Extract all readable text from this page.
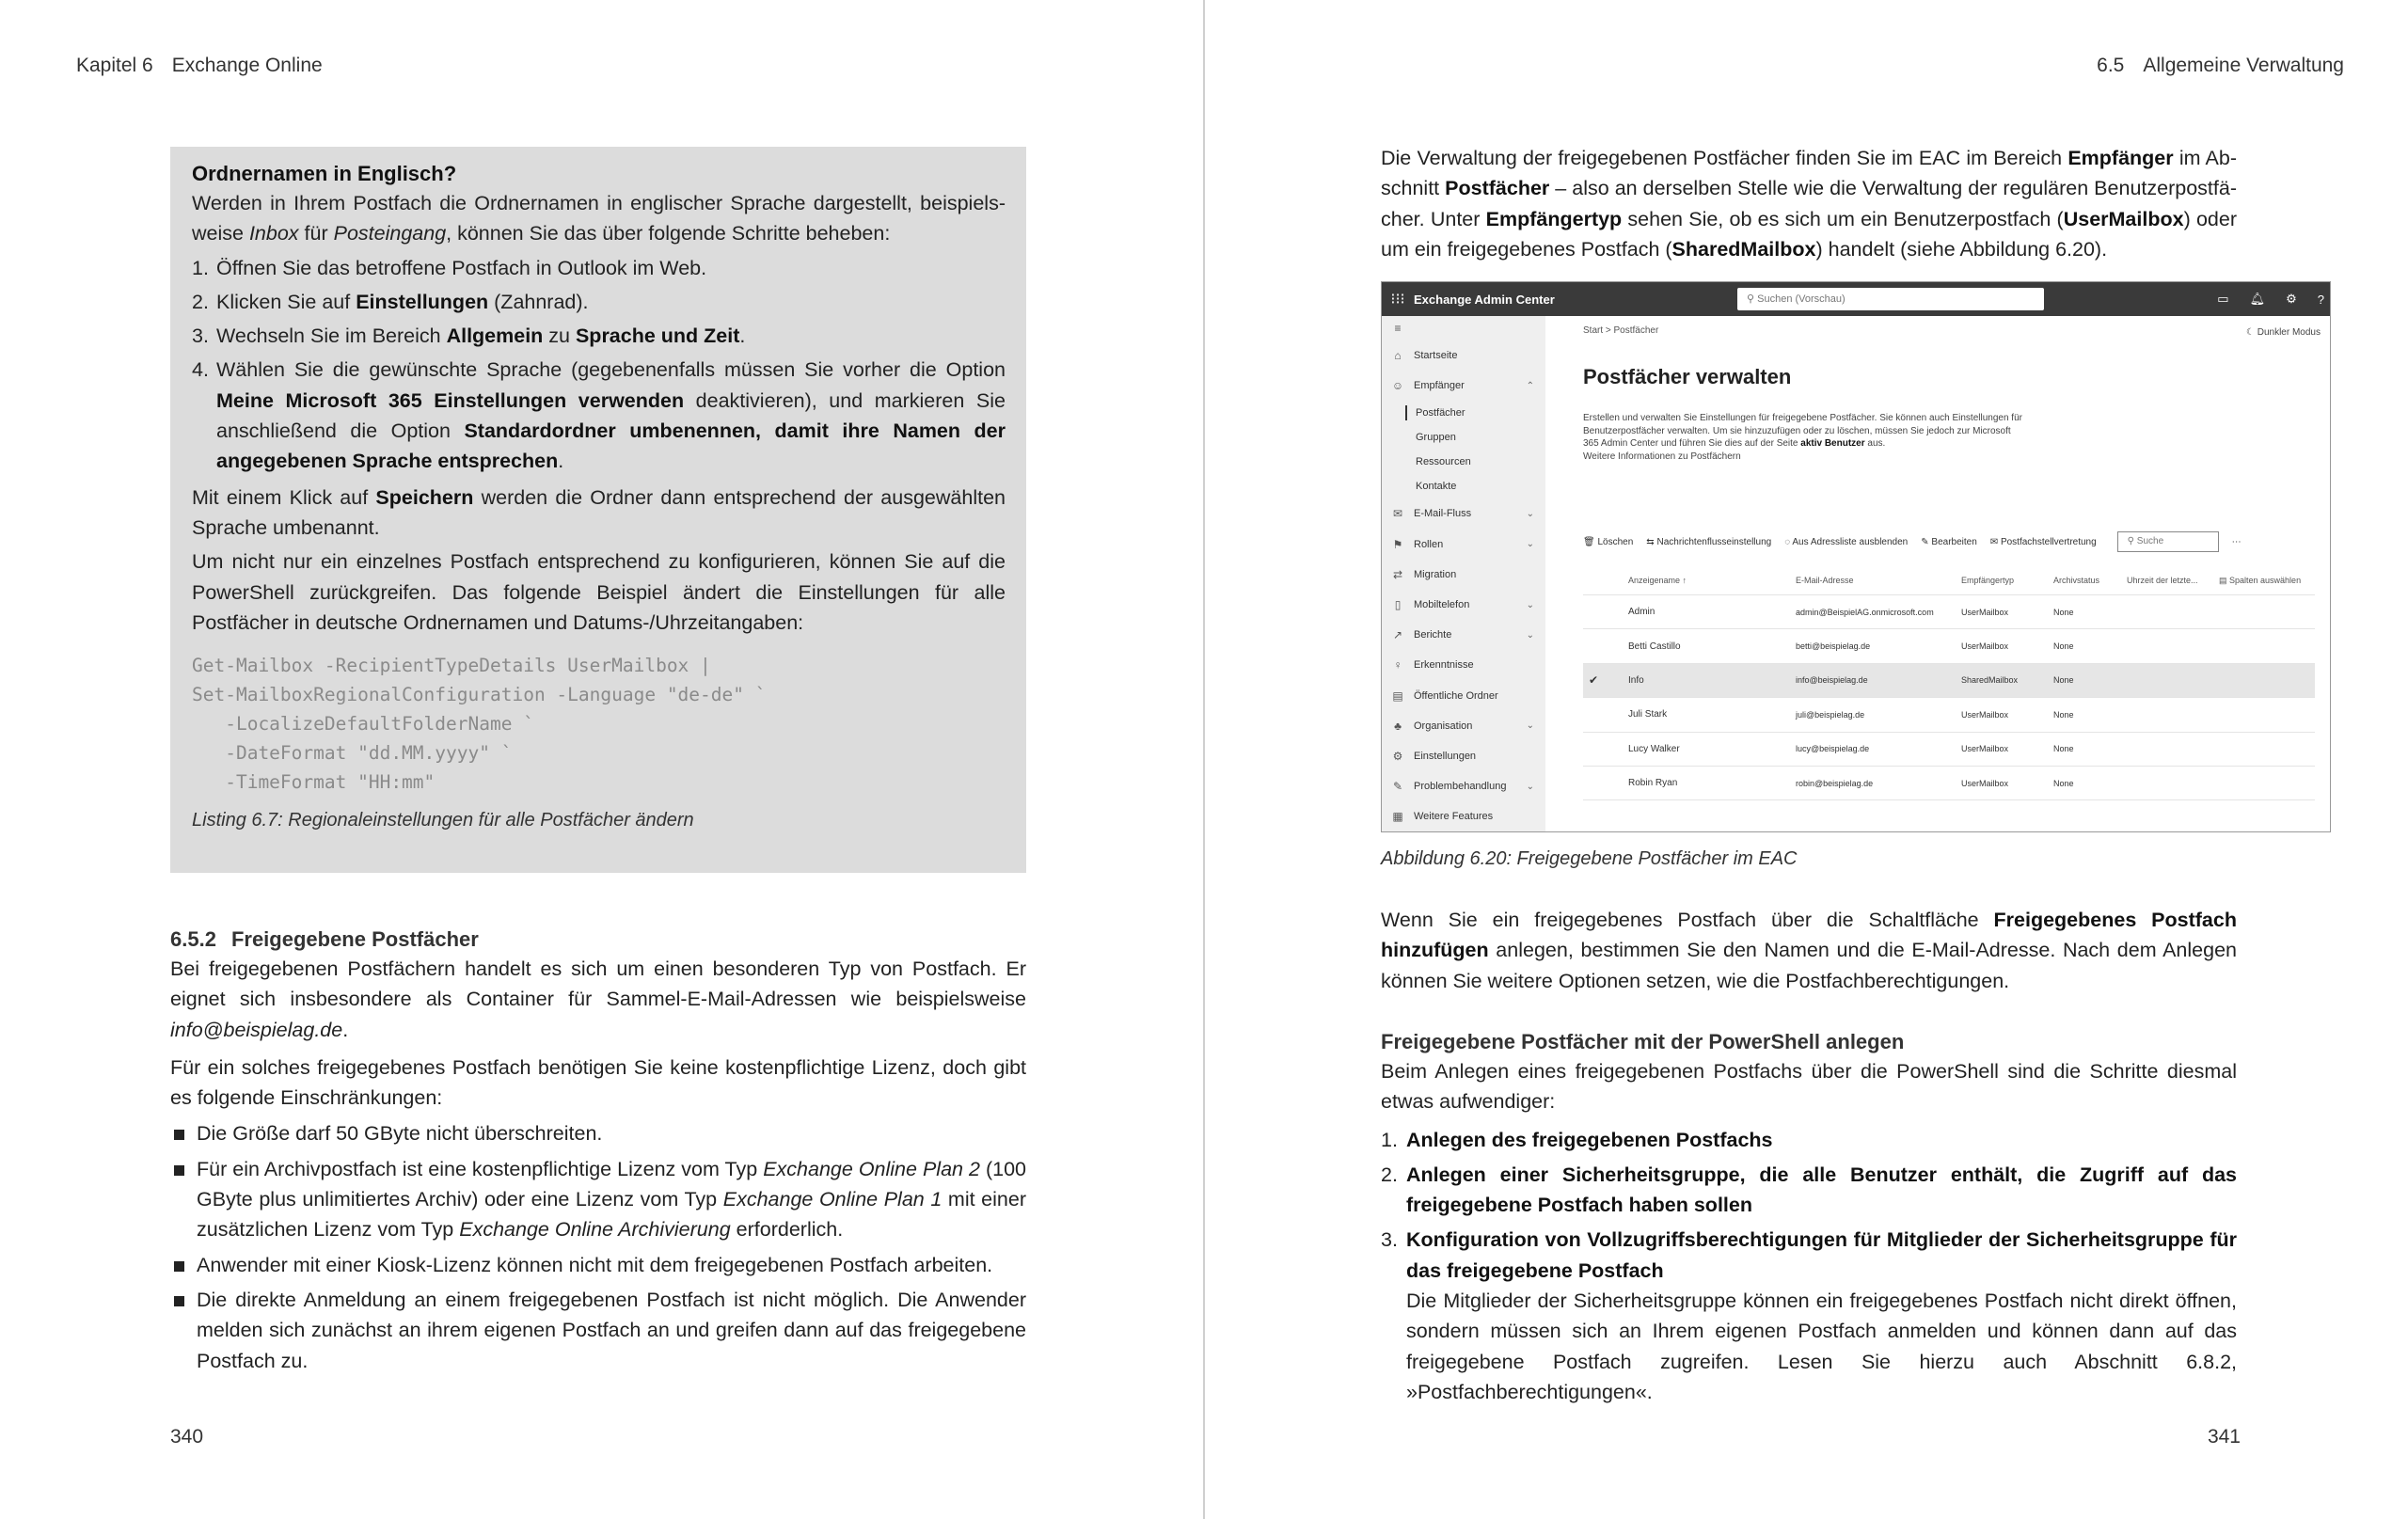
Kapitel 6 Exchange Online
Ordnernamen in Englisch?

Werden in Ihrem Postfach die Ordnernamen in englischer Sprache dargestellt, beispielsweise Inbox für Posteingang, können Sie das über folgende Schritte beheben:

1. Öffnen Sie das betroffene Postfach in Outlook im Web.
2. Klicken Sie auf Einstellungen (Zahnrad).
3. Wechseln Sie im Bereich Allgemein zu Sprache und Zeit.
4. Wählen Sie die gewünschte Sprache (gegebenenfalls müssen Sie vorher die Option Meine Microsoft 365 Einstellungen verwenden deaktivieren), und markieren Sie anschließend die Option Standardordner umbenennen, damit ihre Namen der angegebenen Sprache entsprechen.

Mit einem Klick auf Speichern werden die Ordner dann entsprechend der ausgewählten Sprache umbenannt.

Um nicht nur ein einzelnes Postfach entsprechend zu konfigurieren, können Sie auf die PowerShell zurückgreifen. Das folgende Beispiel ändert die Einstellungen für alle Postfächer in deutsche Ordnernamen und Datums-/Uhrzeitangaben:

Get-Mailbox -RecipientTypeDetails UserMailbox |
Set-MailboxRegionalConfiguration -Language "de-de" `
-LocalizeDefaultFolderName `
-DateFormat "dd.MM.yyyy" `
-TimeFormat "HH:mm"

Listing 6.7: Regionaleinstellungen für alle Postfächer ändern

6.5.2 Freigegebene Postfächer

Bei freigegebenen Postfächern handelt es sich um einen besonderen Typ von Postfach. Er eignet sich insbesondere als Container für Sammel-E-Mail-Adressen wie beispielsweise info@beispielag.de.

Für ein solches freigegebenes Postfach benötigen Sie keine kostenpflichtige Lizenz, doch gibt es folgende Einschränkungen:

Die Größe darf 50 GByte nicht überschreiten.
Für ein Archivpostfach ist eine kostenpflichtige Lizenz vom Typ Exchange Online Plan 2 (100 GByte plus unlimitiertes Archiv) oder eine Lizenz vom Typ Exchange Online Plan 1 mit einer zusätzlichen Lizenz vom Typ Exchange Online Archivierung erforderlich.
Anwender mit einer Kiosk-Lizenz können nicht mit dem freigegebenen Postfach arbeiten.
Die direkte Anmeldung an einem freigegebenen Postfach ist nicht möglich. Die Anwender melden sich zunächst an ihrem eigenen Postfach an und greifen dann auf das freigegebene Postfach zu.
340
6.5 Allgemeine Verwaltung

Die Verwaltung der freigegebenen Postfächer finden Sie im EAC im Bereich Empfänger im Abschnitt Postfächer – also an derselben Stelle wie die Verwaltung der regulären Benutzerpostfächer. Unter Empfängertyp sehen Sie, ob es sich um ein Benutzerpostfach (UserMailbox) oder um ein freigegebenes Postfach (SharedMailbox) handelt (siehe Abbildung 6.20).

⁝⁝⁝ Exchange Admin Center	⚲ Suchen (Vorschau)	▭ 🔔︎ ⚙ ?
≡
⌂	Startseite
☺ Empfänger	⌃
Postfächer
Gruppen
Ressourcen
Kontakte
✉	E-Mail-Fluss	⌄
⚑	Rollen	⌄
⇄	Migration
▯	Mobiltelefon	⌄
↗	Berichte	⌄
♀	Erkenntnisse
▤	Öffentliche Ordner
♣	Organisation	⌄
⚙	Einstellungen
✎	Problembehandlung ⌄
▦	Weitere Features
Start > Postfächer	☾ Dunkler Modus
Postfächer verwalten
Erstellen und verwalten Sie Einstellungen für freigegebene Postfächer. Sie können auch Einstellungen für Benutzerpostfächer verwalten. Um sie hinzuzufügen oder zu löschen, müssen Sie jedoch zur Microsoft 365 Admin Center und führen Sie dies auf der Seite aktiv Benutzer aus.
Weitere Informationen zu Postfächern
🗑︎ Löschen ⇆ Nachrichtenflusseinstellung ◌ Aus Adressliste ausblenden ✎ Bearbeiten ✉ Postfachstellvertretung	⚲ Suche	⋯
Anzeigename ↑	E-Mail-Adresse	Empfängertyp	Archivstatus	Uhrzeit der letzte... ▤ Spalten auswählen
Admin	admin@BeispielAG.onmicrosoft.com	UserMailbox	None
Betti Castillo	betti@beispielag.de	UserMailbox	None
✔	Info	info@beispielag.de	SharedMailbox	None
Juli Stark	juli@beispielag.de	UserMailbox	None
Lucy Walker	lucy@beispielag.de	UserMailbox	None
Robin Ryan	robin@beispielag.de	UserMailbox	None

Abbildung 6.20: Freigegebene Postfächer im EAC

Wenn Sie ein freigegebenes Postfach über die Schaltfläche Freigegebenes Postfach hinzufügen anlegen, bestimmen Sie den Namen und die E-Mail-Adresse. Nach dem Anlegen können Sie weitere Optionen setzen, wie die Postfachberechtigungen.

Freigegebene Postfächer mit der PowerShell anlegen

Beim Anlegen eines freigegebenen Postfachs über die PowerShell sind die Schritte diesmal etwas aufwendiger:

1. Anlegen des freigegebenen Postfachs
2. Anlegen einer Sicherheitsgruppe, die alle Benutzer enthält, die Zugriff auf das freigegebene Postfach haben sollen
3. Konfiguration von Vollzugriffsberechtigungen für Mitglieder der Sicherheitsgruppe für das freigegebene Postfach
Die Mitglieder der Sicherheitsgruppe können ein freigegebenes Postfach nicht direkt öffnen, sondern müssen sich an Ihrem eigenen Postfach anmelden und können dann auf das freigegebene Postfach zugreifen. Lesen Sie hierzu auch Abschnitt 6.8.2, »Postfachberechtigungen«.
341
